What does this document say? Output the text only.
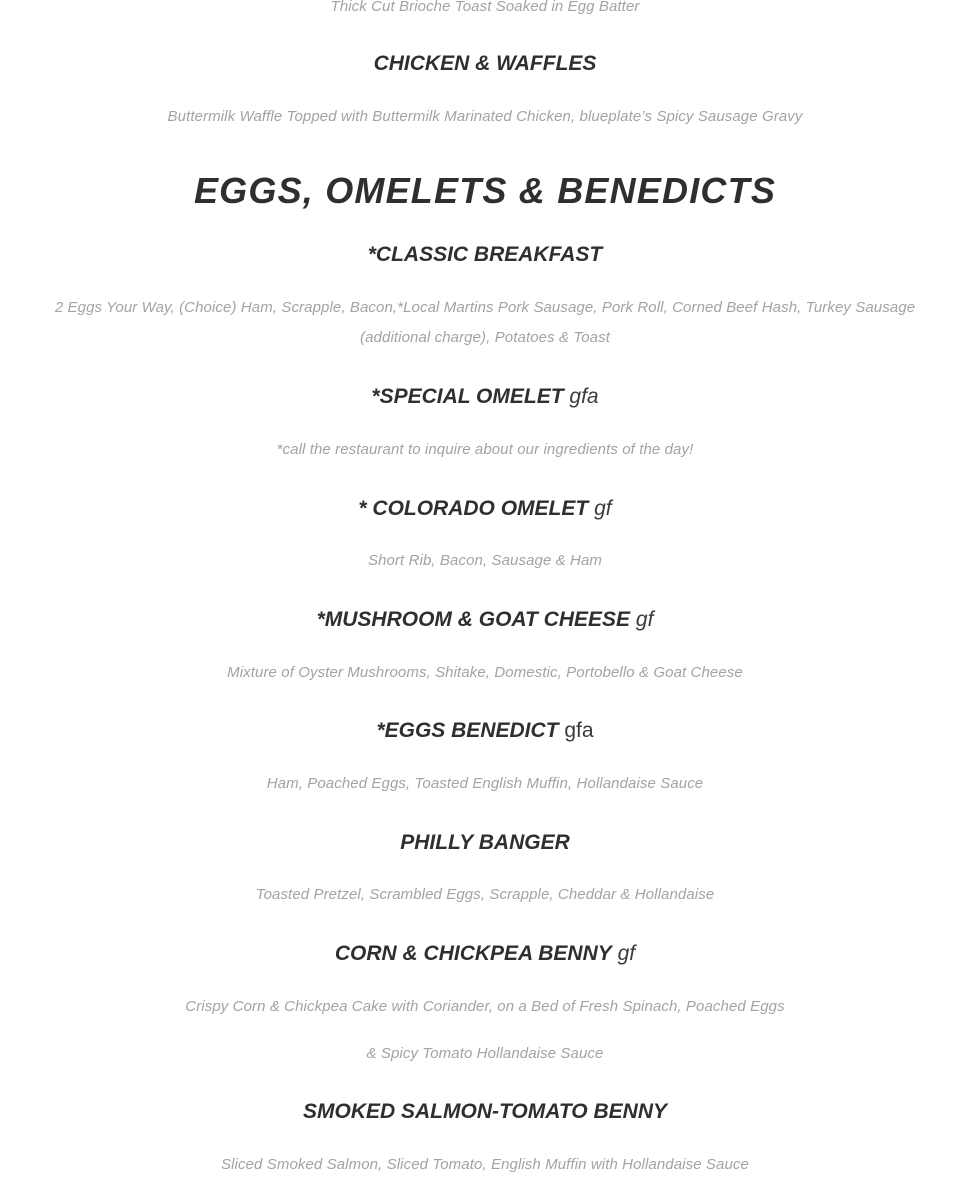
Thick Cut Brioche Toast Soaked in Egg Batter

CHICKEN & WAFFLES

Buttermilk Waffle Topped with Buttermilk Marinated Chicken, blueplate’s Spicy Sausage Gravy

EGGS, OMELETS & BENEDICTS
*CLASSIC BREAKFAST

2 Eggs Your Way, (Choice) Ham, Scrapple, Bacon,*Local Martins Pork Sausage, Pork Roll, Corned Beef Hash, Turkey Sausage (additional charge), Potatoes & Toast

*SPECIAL OMELET gfa

*call the restaurant to inquire about our ingredients of the day!

* COLORADO OMELET gf

Short Rib, Bacon, Sausage & Ham

*MUSHROOM & GOAT CHEESE gf

Mixture of Oyster Mushrooms, Shitake, Domestic, Portobello & Goat Cheese

*EGGS BENEDICT gfa

Ham, Poached Eggs, Toasted English Muffin, Hollandaise Sauce

PHILLY BANGER

Toasted Pretzel, Scrambled Eggs, Scrapple, Cheddar & Hollandaise

CORN & CHICKPEA BENNY gf

Crispy Corn & Chickpea Cake with Coriander, on a Bed of Fresh Spinach, Poached Eggs

& Spicy Tomato Hollandaise Sauce

SMOKED SALMON-TOMATO BENNY

Sliced Smoked Salmon, Sliced Tomato, English Muffin with Hollandaise Sauce
